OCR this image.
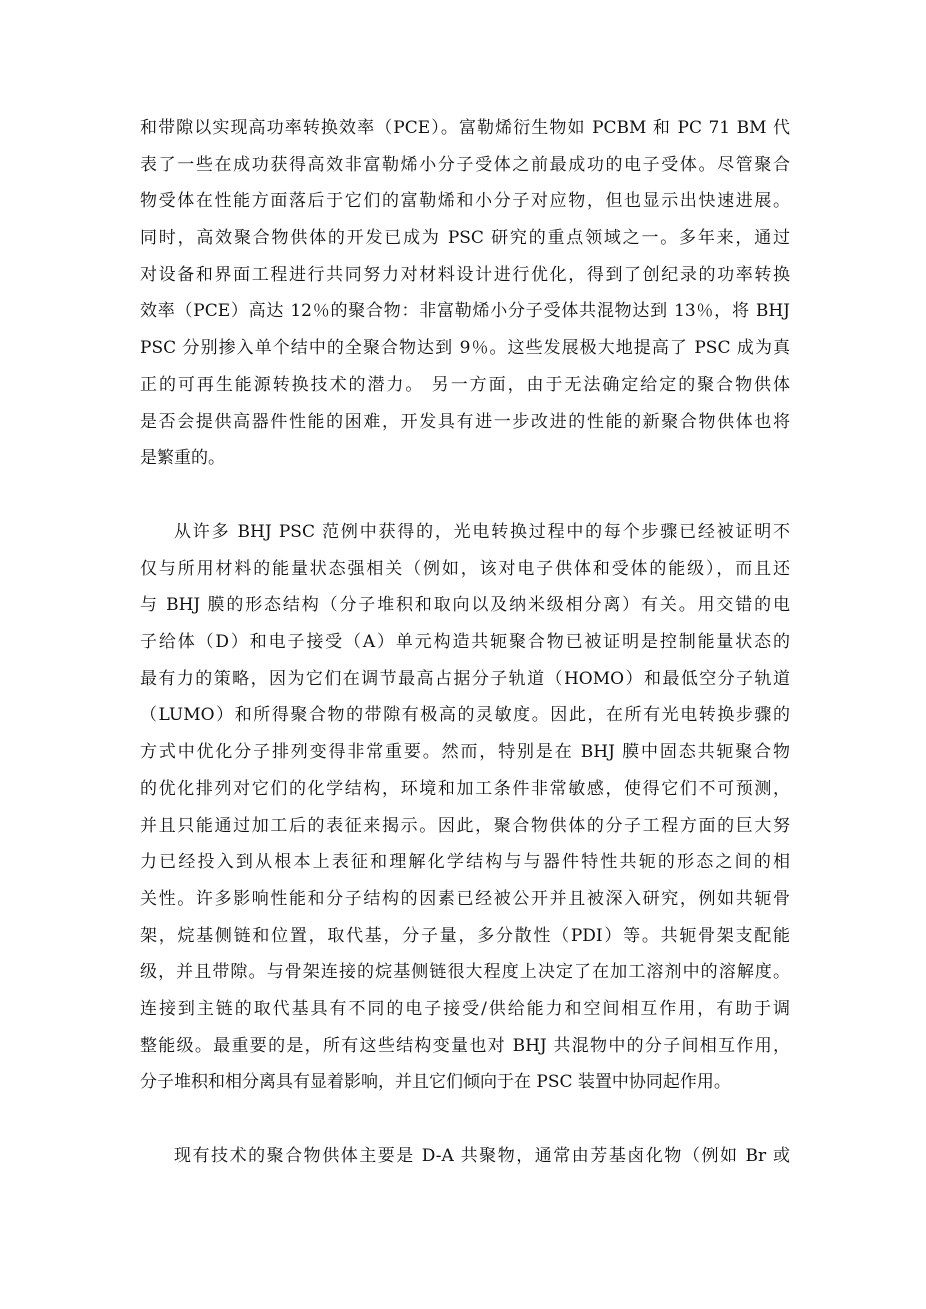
和带隙以实现高功率转换效率（PCE）。富勒烯衍生物如 PCBM 和 PC 71 BM 代
表了一些在成功获得高效非富勒烯小分子受体之前最成功的电子受体。尽管聚合
物受体在性能方面落后于它们的富勒烯和小分子对应物，但也显示出快速进展。
同时，高效聚合物供体的开发已成为 PSC 研究的重点领域之一。多年来，通过
对设备和界面工程进行共同努力对材料设计进行优化，得到了创纪录的功率转换
效率（PCE）高达 12％的聚合物：非富勒烯小分子受体共混物达到 13％，将 BHJ
PSC 分别掺入单个结中的全聚合物达到 9％。这些发展极大地提高了 PSC 成为真
正的可再生能源转换技术的潜力。 另一方面，由于无法确定给定的聚合物供体
是否会提供高器件性能的困难，开发具有进一步改进的性能的新聚合物供体也将
是繁重的。
从许多 BHJ PSC 范例中获得的，光电转换过程中的每个步骤已经被证明不
仅与所用材料的能量状态强相关（例如，该对电子供体和受体的能级），而且还
与 BHJ 膜的形态结构（分子堆积和取向以及纳米级相分离）有关。用交错的电
子给体（D）和电子接受（A）单元构造共轭聚合物已被证明是控制能量状态的
最有力的策略，因为它们在调节最高占据分子轨道（HOMO）和最低空分子轨道
（LUMO）和所得聚合物的带隙有极高的灵敏度。因此，在所有光电转换步骤的
方式中优化分子排列变得非常重要。然而，特别是在 BHJ 膜中固态共轭聚合物
的优化排列对它们的化学结构，环境和加工条件非常敏感，使得它们不可预测，
并且只能通过加工后的表征来揭示。因此，聚合物供体的分子工程方面的巨大努
力已经投入到从根本上表征和理解化学结构与与器件特性共轭的形态之间的相
关性。许多影响性能和分子结构的因素已经被公开并且被深入研究，例如共轭骨
架，烷基侧链和位置，取代基，分子量，多分散性（PDI）等。共轭骨架支配能
级，并且带隙。与骨架连接的烷基侧链很大程度上决定了在加工溶剂中的溶解度。
连接到主链的取代基具有不同的电子接受/供给能力和空间相互作用，有助于调
整能级。最重要的是，所有这些结构变量也对 BHJ 共混物中的分子间相互作用，
分子堆积和相分离具有显着影响，并且它们倾向于在 PSC 装置中协同起作用。
现有技术的聚合物供体主要是 D-A 共聚物，通常由芳基卤化物（例如 Br 或
